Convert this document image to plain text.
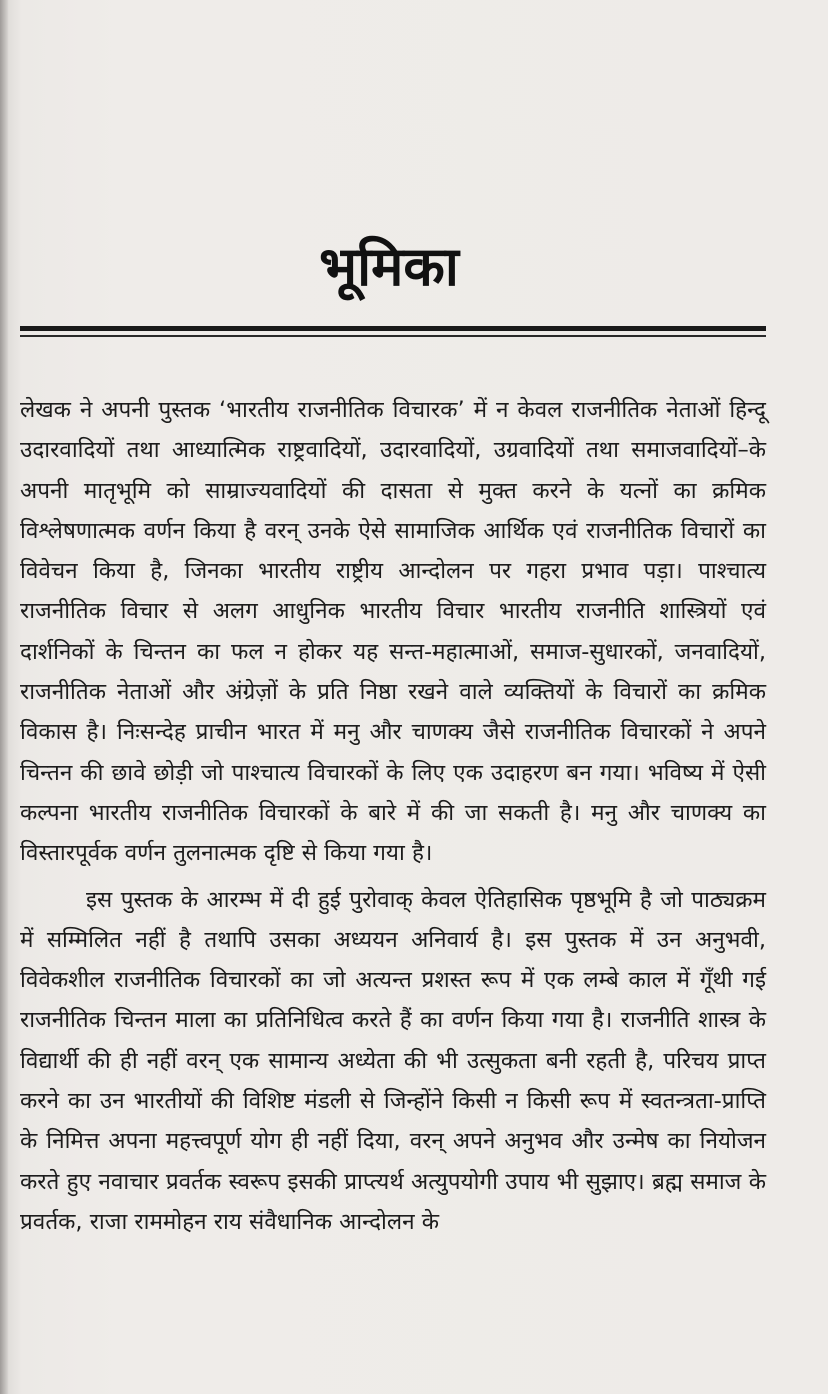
भूमिका

लेखक ने अपनी पुस्तक ‘भारतीय राजनीतिक विचारक’ में न केवल राजनीतिक नेताओं हिन्दू उदारवादियों तथा आध्यात्मिक राष्ट्रवादियों, उदारवादियों, उग्रवादियों तथा समाजवादियों–के अपनी मातृभूमि को साम्राज्यवादियों की दासता से मुक्त करने के यत्नों का क्रमिक विश्लेषणात्मक वर्णन किया है वरन् उनके ऐसे सामाजिक आर्थिक एवं राजनीतिक विचारों का विवेचन किया है, जिनका भारतीय राष्ट्रीय आन्दोलन पर गहरा प्रभाव पड़ा। पाश्चात्य राजनीतिक विचार से अलग आधुनिक भारतीय विचार भारतीय राजनीति शास्त्रियों एवं दार्शनिकों के चिन्तन का फल न होकर यह सन्त-महात्माओं, समाज-सुधारकों, जनवादियों, राजनीतिक नेताओं और अंग्रेज़ों के प्रति निष्ठा रखने वाले व्यक्तियों के विचारों का क्रमिक विकास है। निःसन्देह प्राचीन भारत में मनु और चाणक्य जैसे राजनीतिक विचारकों ने अपने चिन्तन की छावे छोड़ी जो पाश्चात्य विचारकों के लिए एक उदाहरण बन गया। भविष्य में ऐसी कल्पना भारतीय राजनीतिक विचारकों के बारे में की जा सकती है। मनु और चाणक्य का विस्तारपूर्वक वर्णन तुलनात्मक दृष्टि से किया गया है।

इस पुस्तक के आरम्भ में दी हुई पुरोवाक् केवल ऐतिहासिक पृष्ठभूमि है जो पाठ्यक्रम में सम्मिलित नहीं है तथापि उसका अध्ययन अनिवार्य है। इस पुस्तक में उन अनुभवी, विवेकशील राजनीतिक विचारकों का जो अत्यन्त प्रशस्त रूप में एक लम्बे काल में गूँथी गई राजनीतिक चिन्तन माला का प्रतिनिधित्व करते हैं का वर्णन किया गया है। राजनीति शास्त्र के विद्यार्थी की ही नहीं वरन् एक सामान्य अध्येता की भी उत्सुकता बनी रहती है, परिचय प्राप्त करने का उन भारतीयों की विशिष्ट मंडली से जिन्होंने किसी न किसी रूप में स्वतन्त्रता-प्राप्ति के निमित्त अपना महत्त्वपूर्ण योग ही नहीं दिया, वरन् अपने अनुभव और उन्मेष का नियोजन करते हुए नवाचार प्रवर्तक स्वरूप इसकी प्राप्त्यर्थ अत्युपयोगी उपाय भी सुझाए। ब्रह्म समाज के प्रवर्तक, राजा राममोहन राय संवैधानिक आन्दोलन के
